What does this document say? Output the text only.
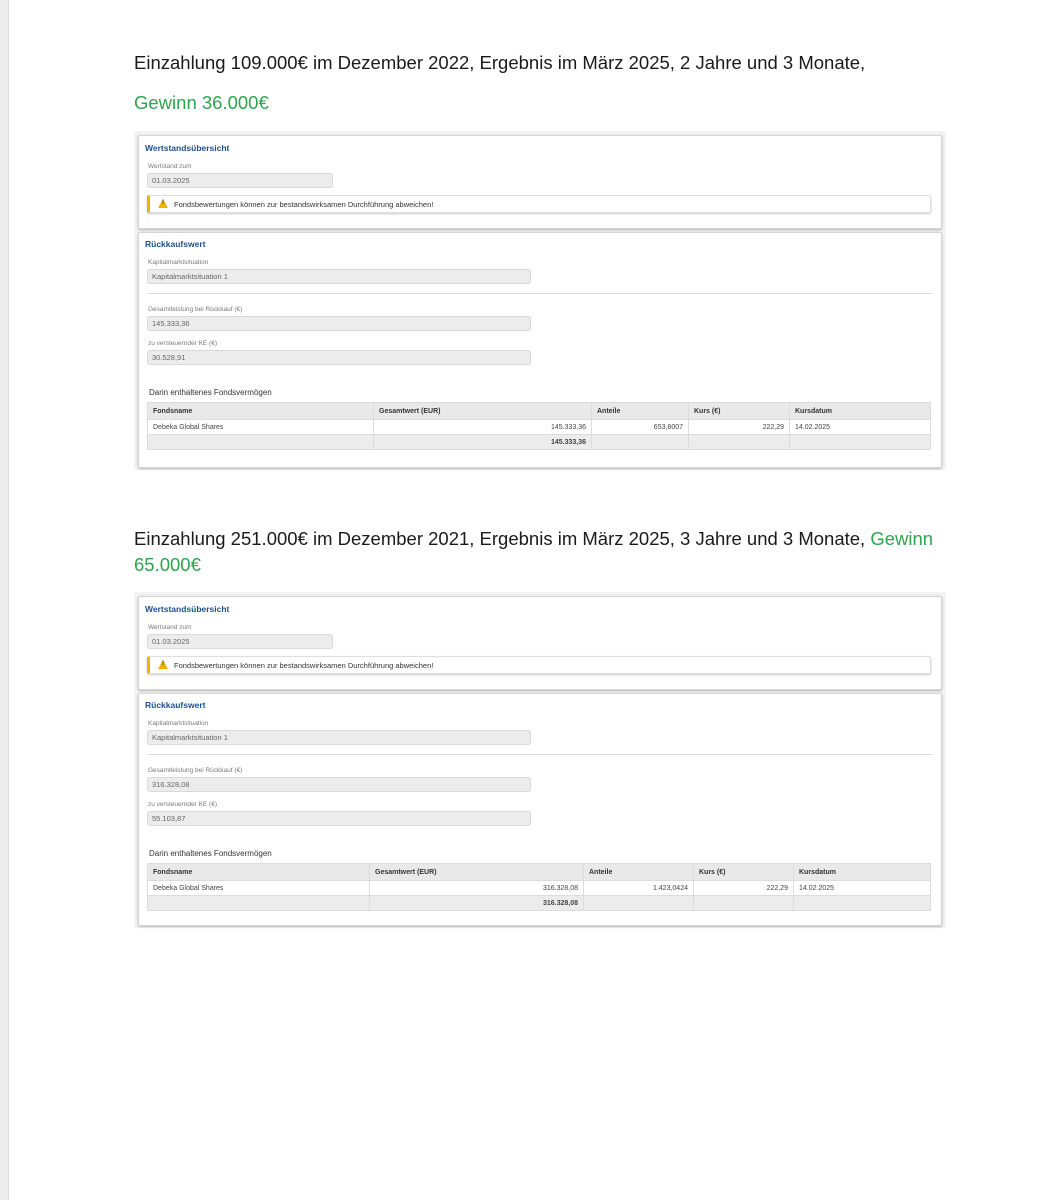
Einzahlung 109.000€ im Dezember 2022, Ergebnis im März 2025, 2 Jahre und 3 Monate,
Gewinn 36.000€
Wertstandsübersicht
Wertstand zum
01.03.2025
! Fondsbewertungen können zur bestandswirksamen Durchführung abweichen!
Rückkaufswert
Kapitalmarktsituation
Kapitalmarktsituation 1
Gesamtleistung bei Rückkauf (€)
145.333,36
zu versteuernder KE (€)
30.528,91
Darin enthaltenes Fondsvermögen
Fondsname	Gesamtwert (EUR)	Anteile	Kurs (€)	Kursdatum
Debeka Global Shares	145.333,36	653,8007	222,29	14.02.2025
	145.333,36			
Einzahlung 251.000€ im Dezember 2021, Ergebnis im März 2025, 3 Jahre und 3 Monate, Gewinn 65.000€
Wertstandsübersicht
Wertstand zum
01.03.2025
! Fondsbewertungen können zur bestandswirksamen Durchführung abweichen!
Rückkaufswert
Kapitalmarktsituation
Kapitalmarktsituation 1
Gesamtleistung bei Rückkauf (€)
316.328,08
zu versteuernder KE (€)
55.103,87
Darin enthaltenes Fondsvermögen
Fondsname	Gesamtwert (EUR)	Anteile	Kurs (€)	Kursdatum
Debeka Global Shares	316.328,08	1.423,0424	222,29	14.02.2025
	316.328,08			
